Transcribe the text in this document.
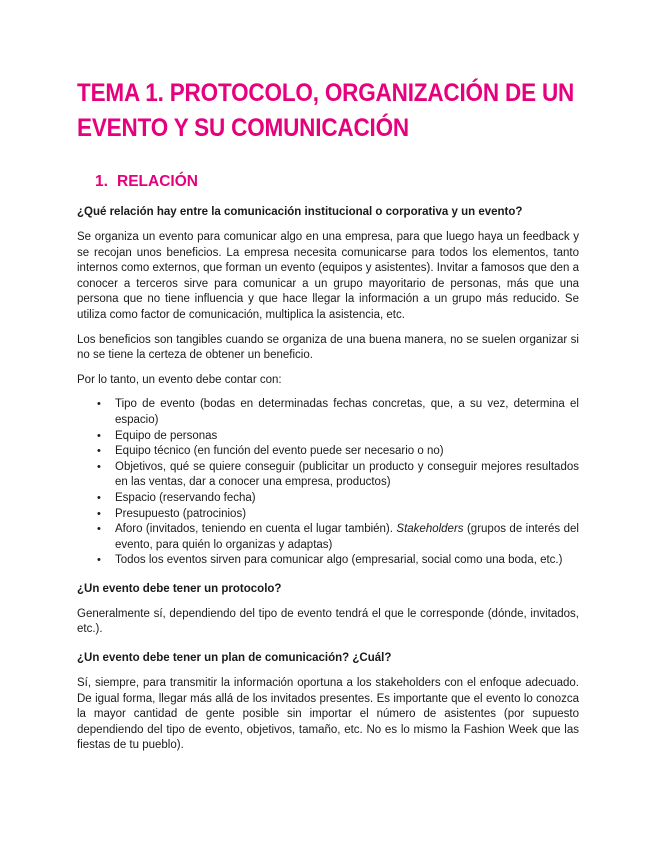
TEMA 1. PROTOCOLO, ORGANIZACIÓN DE UN EVENTO Y SU COMUNICACIÓN
1. RELACIÓN
¿Qué relación hay entre la comunicación institucional o corporativa y un evento?

Se organiza un evento para comunicar algo en una empresa, para que luego haya un feedback y se recojan unos beneficios. La empresa necesita comunicarse para todos los elementos, tanto internos como externos, que forman un evento (equipos y asistentes). Invitar a famosos que den a conocer a terceros sirve para comunicar a un grupo mayoritario de personas, más que una persona que no tiene influencia y que hace llegar la información a un grupo más reducido. Se utiliza como factor de comunicación, multiplica la asistencia, etc.

Los beneficios son tangibles cuando se organiza de una buena manera, no se suelen organizar si no se tiene la certeza de obtener un beneficio.

Por lo tanto, un evento debe contar con:

• Tipo de evento (bodas en determinadas fechas concretas, que, a su vez, determina el espacio)
• Equipo de personas
• Equipo técnico (en función del evento puede ser necesario o no)
• Objetivos, qué se quiere conseguir (publicitar un producto y conseguir mejores resultados en las ventas, dar a conocer una empresa, productos)
• Espacio (reservando fecha)
• Presupuesto (patrocinios)
• Aforo (invitados, teniendo en cuenta el lugar también). Stakeholders (grupos de interés del evento, para quién lo organizas y adaptas)
• Todos los eventos sirven para comunicar algo (empresarial, social como una boda, etc.)
¿Un evento debe tener un protocolo?

Generalmente sí, dependiendo del tipo de evento tendrá el que le corresponde (dónde, invitados, etc.).

¿Un evento debe tener un plan de comunicación? ¿Cuál?

Sí, siempre, para transmitir la información oportuna a los stakeholders con el enfoque adecuado. De igual forma, llegar más allá de los invitados presentes. Es importante que el evento lo conozca la mayor cantidad de gente posible sin importar el número de asistentes (por supuesto dependiendo del tipo de evento, objetivos, tamaño, etc. No es lo mismo la Fashion Week que las fiestas de tu pueblo).
